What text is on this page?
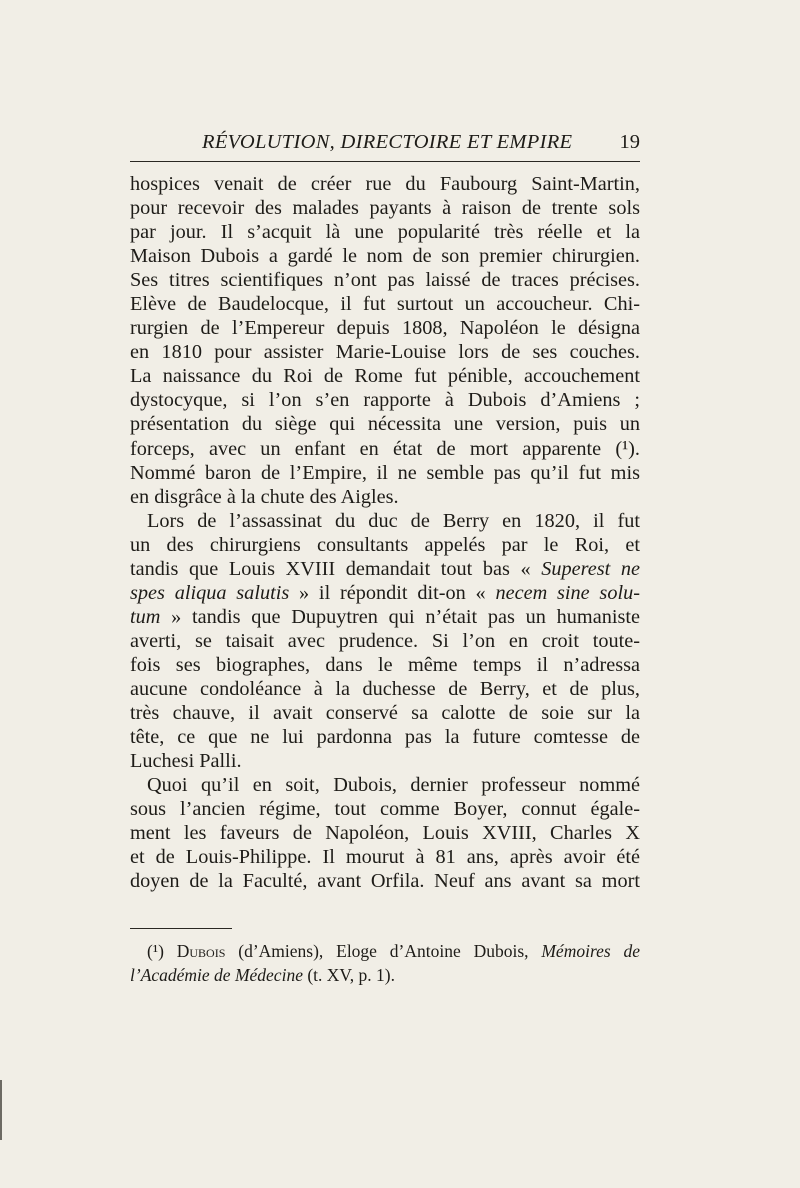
RÉVOLUTION, DIRECTOIRE ET EMPIRE 19
hospices venait de créer rue du Faubourg Saint-Martin,
pour recevoir des malades payants à raison de trente sols
par jour. Il s’acquit là une popularité très réelle et la
Maison Dubois a gardé le nom de son premier chirurgien.
Ses titres scientifiques n’ont pas laissé de traces précises.
Elève de Baudelocque, il fut surtout un accoucheur. Chi-
rurgien de l’Empereur depuis 1808, Napoléon le désigna
en 1810 pour assister Marie-Louise lors de ses couches.
La naissance du Roi de Rome fut pénible, accouchement
dystocyque, si l’on s’en rapporte à Dubois d’Amiens ;
présentation du siège qui nécessita une version, puis un
forceps, avec un enfant en état de mort apparente (¹).
Nommé baron de l’Empire, il ne semble pas qu’il fut mis
en disgrâce à la chute des Aigles.
Lors de l’assassinat du duc de Berry en 1820, il fut
un des chirurgiens consultants appelés par le Roi, et
tandis que Louis XVIII demandait tout bas « Superest ne
spes aliqua salutis » il répondit dit-on « necem sine solu-
tum » tandis que Dupuytren qui n’était pas un humaniste
averti, se taisait avec prudence. Si l’on en croit toute-
fois ses biographes, dans le même temps il n’adressa
aucune condoléance à la duchesse de Berry, et de plus,
très chauve, il avait conservé sa calotte de soie sur la
tête, ce que ne lui pardonna pas la future comtesse de
Luchesi Palli.
Quoi qu’il en soit, Dubois, dernier professeur nommé
sous l’ancien régime, tout comme Boyer, connut égale-
ment les faveurs de Napoléon, Louis XVIII, Charles X
et de Louis-Philippe. Il mourut à 81 ans, après avoir été
doyen de la Faculté, avant Orfila. Neuf ans avant sa mort
(¹) Dubois (d’Amiens), Eloge d’Antoine Dubois, Mémoires de
l’Académie de Médecine (t. XV, p. 1).
